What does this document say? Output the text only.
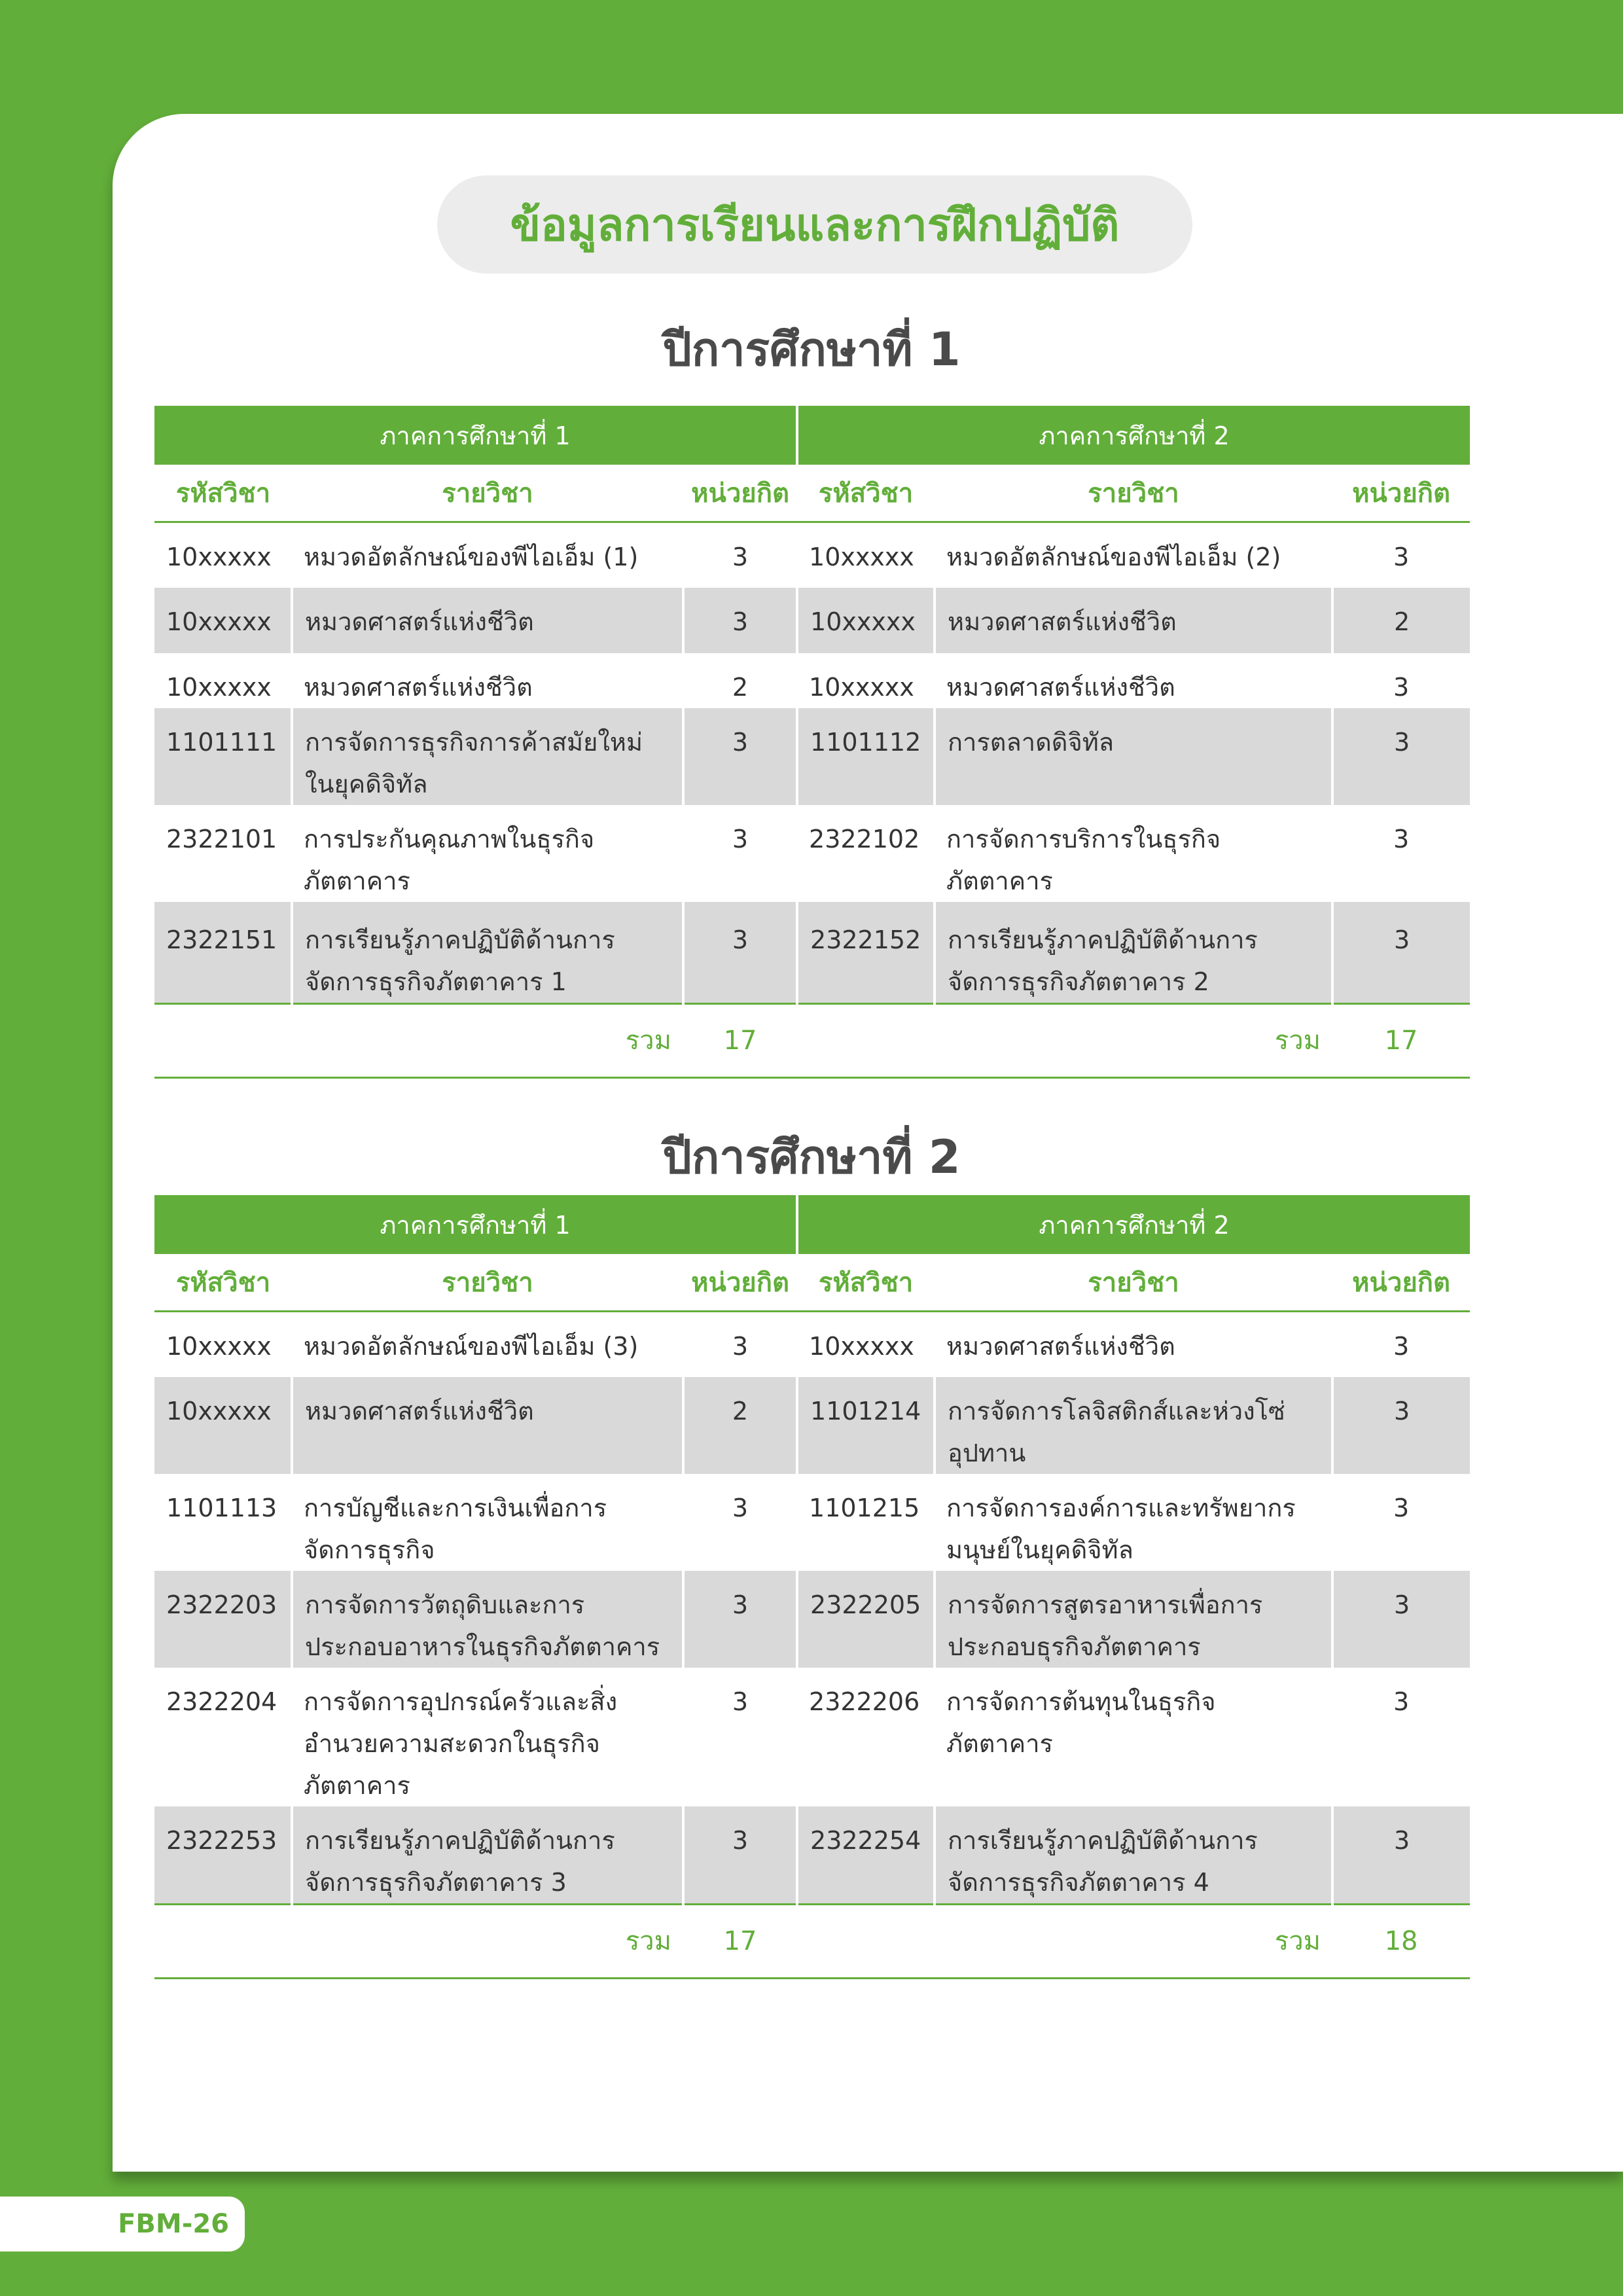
ข้อมูลการเรียนและการฝึกปฏิบัติ
ปีการศึกษาที่ 1
ภาคการศึกษาที่ 1			ภาคการศึกษาที่ 2		
รหัสวิชา	รายวิชา	หน่วยกิต	รหัสวิชา	รายวิชา	หน่วยกิต
10xxxxx	หมวดอัตลักษณ์ของพีไอเอ็ม (1)	3	10xxxxx	หมวดอัตลักษณ์ของพีไอเอ็ม (2)	3
10xxxxx	หมวดศาสตร์แห่งชีวิต	3	10xxxxx	หมวดศาสตร์แห่งชีวิต	2
10xxxxx	หมวดศาสตร์แห่งชีวิต	2	10xxxxx	หมวดศาสตร์แห่งชีวิต	3
1101111	การจัดการธุรกิจการค้าสมัยใหม่ในยุคดิจิทัล	3	1101112	การตลาดดิจิทัล	3
2322101	การประกันคุณภาพในธุรกิจภัตตาคาร	3	2322102	การจัดการบริการในธุรกิจภัตตาคาร	3
2322151	การเรียนรู้ภาคปฏิบัติด้านการจัดการธุรกิจภัตตาคาร 1	3	2322152	การเรียนรู้ภาคปฏิบัติด้านการจัดการธุรกิจภัตตาคาร 2	3
รวม		17	รวม		17
ปีการศึกษาที่ 2
ภาคการศึกษาที่ 1			ภาคการศึกษาที่ 2		
รหัสวิชา	รายวิชา	หน่วยกิต	รหัสวิชา	รายวิชา	หน่วยกิต
10xxxxx	หมวดอัตลักษณ์ของพีไอเอ็ม (3)	3	10xxxxx	หมวดศาสตร์แห่งชีวิต	3
10xxxxx	หมวดศาสตร์แห่งชีวิต	2	1101214	การจัดการโลจิสติกส์และห่วงโซ่อุปทาน	3
1101113	การบัญชีและการเงินเพื่อการจัดการธุรกิจ	3	1101215	การจัดการองค์การและทรัพยากรมนุษย์ในยุคดิจิทัล	3
2322203	การจัดการวัตถุดิบและการประกอบอาหารในธุรกิจภัตตาคาร	3	2322205	การจัดการสูตรอาหารเพื่อการประกอบธุรกิจภัตตาคาร	3
2322204	การจัดการอุปกรณ์ครัวและสิ่งอำนวยความสะดวกในธุรกิจภัตตาคาร	3	2322206	การจัดการต้นทุนในธุรกิจภัตตาคาร	3
2322253	การเรียนรู้ภาคปฏิบัติด้านการจัดการธุรกิจภัตตาคาร 3	3	2322254	การเรียนรู้ภาคปฏิบัติด้านการจัดการธุรกิจภัตตาคาร 4	3
รวม		17	รวม		18
FBM-26
